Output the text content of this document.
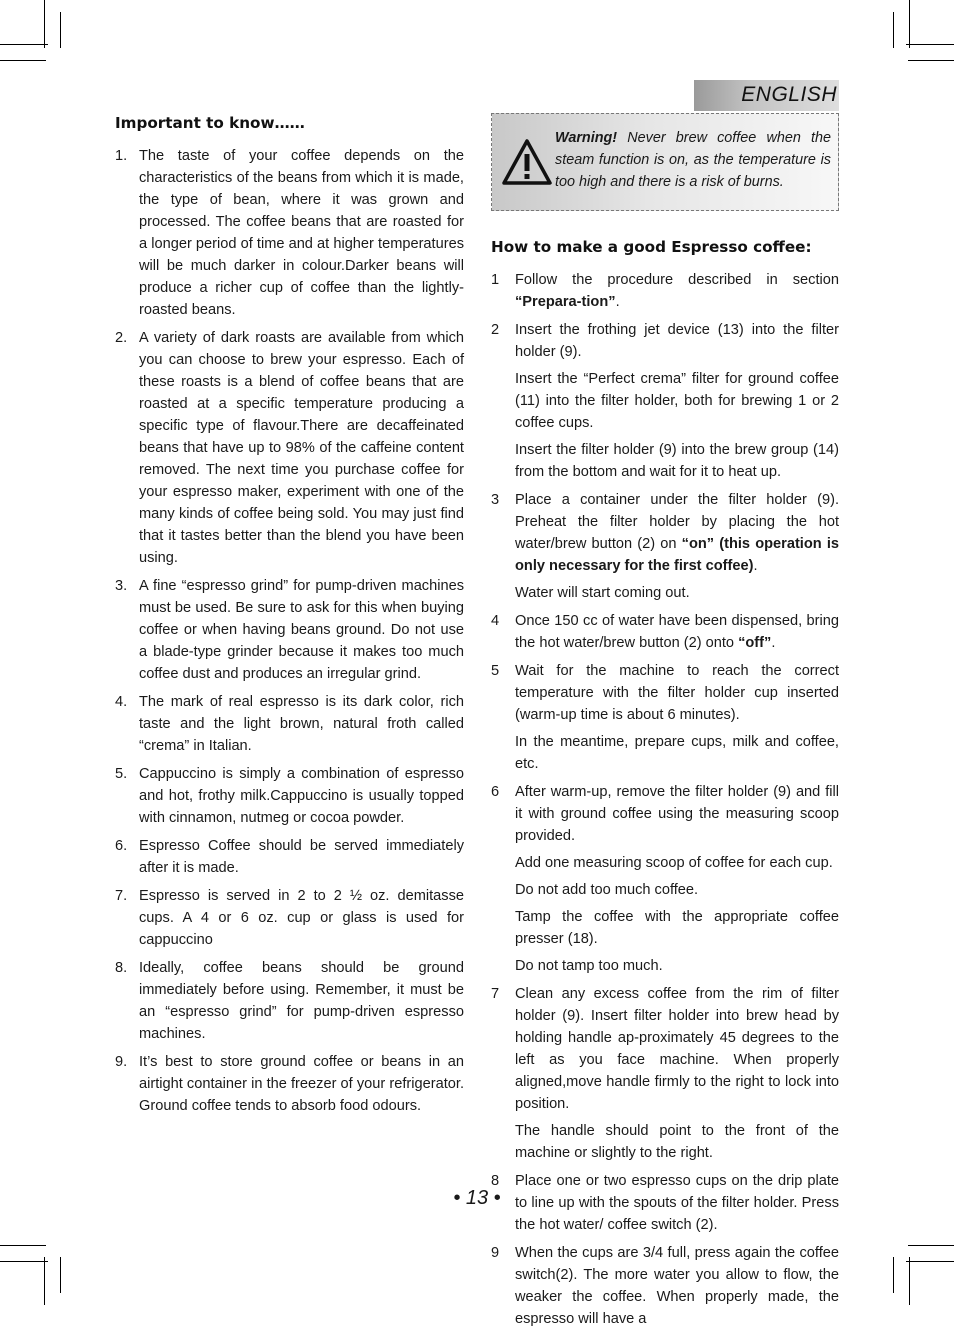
ENGLISH
Important to know……
1. The taste of your coffee depends on the characteristics of the beans from which it is made, the type of bean, where it was grown and processed. The coffee beans that are roasted for a longer period of time and at higher temperatures will be much darker in colour.Darker beans will produce a richer cup of coffee than the lightly-roasted beans.
2. A variety of dark roasts are available from which you can choose to brew your espresso. Each of these roasts is a blend of coffee beans that are roasted at a specific temperature producing a specific type of flavour.There are decaffeinated beans that have up to 98% of the caffeine content removed. The next time you purchase coffee for your espresso maker, experiment with one of the many kinds of coffee being sold. You may just find that it tastes better than the blend you have been using.
3. A fine “espresso grind” for pump-driven machines must be used. Be sure to ask for this when buying coffee or when having beans ground. Do not use a blade-type grinder because it makes too much coffee dust and produces an irregular grind.
4. The mark of real espresso is its dark color, rich taste and the light brown, natural froth called “crema” in Italian.
5. Cappuccino is simply a combination of espresso and hot, frothy milk.Cappuccino is usually topped with cinnamon, nutmeg or cocoa powder.
6. Espresso Coffee should be served immediately after it is made.
7. Espresso is served in 2 to 2 ½ oz. demitasse cups. A 4 or 6 oz. cup or glass is used for cappuccino
8. Ideally, coffee beans should be ground immediately before using. Remember, it must be an “espresso grind” for pump-driven espresso machines.
9. It’s best to store ground coffee or beans in an airtight container in the freezer of your refrigerator. Ground coffee tends to absorb food odours.
Warning! Never brew coffee when the steam function is on, as the temperature is too high and there is a risk of burns.
How to make a good Espresso coffee:
1	Follow the procedure described in section “Prepara-tion”.

2	Insert the frothing jet device (13) into the filter holder (9).

Insert the “Perfect crema” filter for ground coffee (11) into the filter holder, both for brewing 1 or 2 coffee cups.

Insert the filter holder (9) into the brew group (14) from the bottom and wait for it to heat up.

3	Place a container under the filter holder (9). Preheat the filter holder by placing the hot water/brew button (2) on “on” (this operation is only necessary for the first coffee).

Water will start coming out.

4	Once 150 cc of water have been dispensed, bring the hot water/brew button (2) onto “off”.

5	Wait for the machine to reach the correct temperature with the filter holder cup inserted (warm-up time is about 6 minutes).

In the meantime, prepare cups, milk and coffee, etc.

6	After warm-up, remove the filter holder (9) and fill it with ground coffee using the measuring scoop provided.

Add one measuring scoop of coffee for each cup.

Do not add too much coffee.

Tamp the coffee with the appropriate coffee presser (18).

Do not tamp too much.

7	Clean any excess coffee from the rim of filter holder (9). Insert filter holder into brew head by holding handle ap-proximately 45 degrees to the left as you face machine. When properly aligned,move handle firmly to the right to lock into position.

The handle should point to the front of the machine or slightly to the right.

8	Place one or two espresso cups on the drip plate to line up with the spouts of the filter holder. Press the hot water/ coffee switch (2).

9	When the cups are 3/4 full, press again the coffee switch(2). The more water you allow to flow, the weaker the coffee. When properly made, the espresso will have a

• 13 •
